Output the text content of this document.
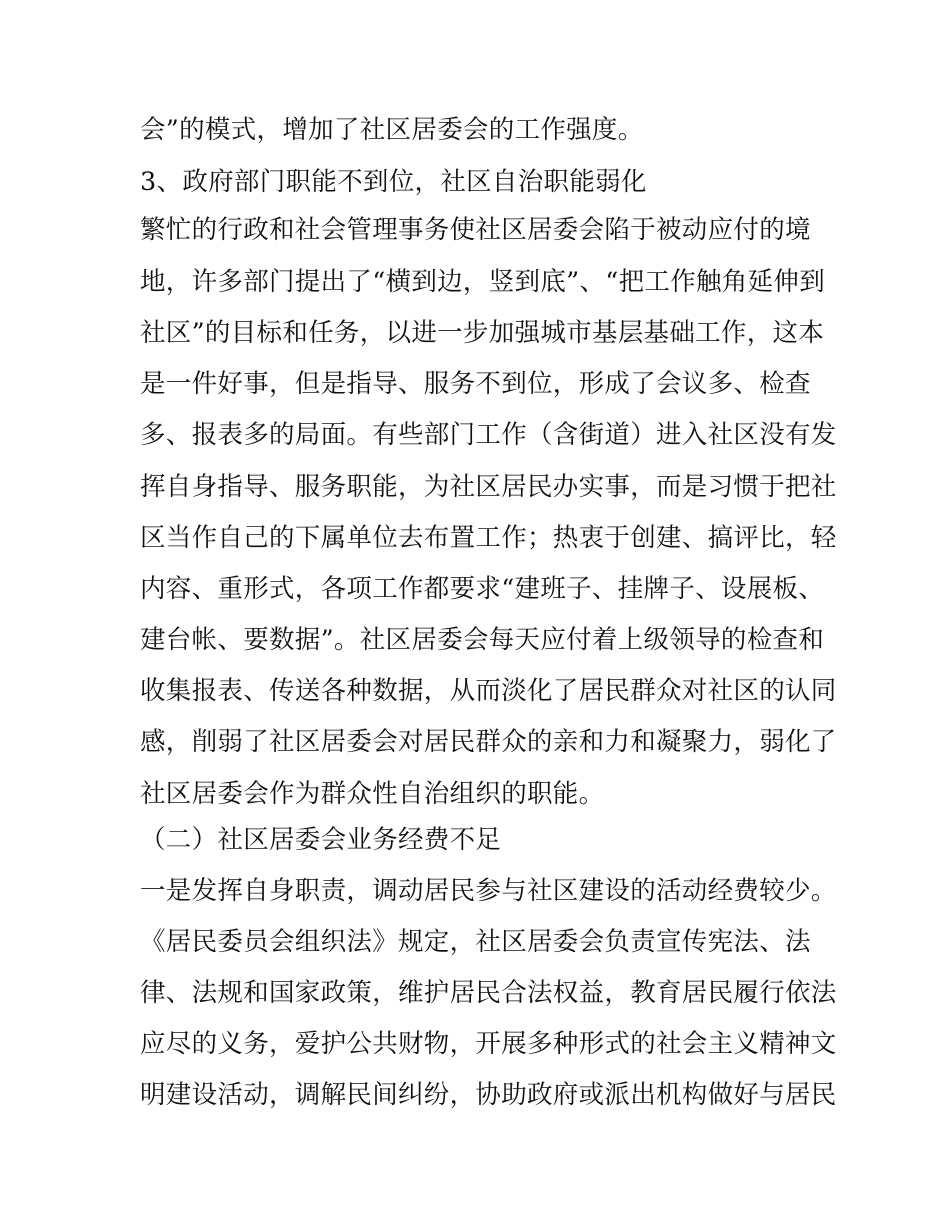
会”的模式，增加了社区居委会的工作强度。
3、政府部门职能不到位，社区自治职能弱化
繁忙的行政和社会管理事务使社区居委会陷于被动应付的境
地，许多部门提出了“横到边，竖到底”、“把工作触角延伸到
社区”的目标和任务，以进一步加强城市基层基础工作，这本
是一件好事，但是指导、服务不到位，形成了会议多、检查
多、报表多的局面。有些部门工作（含街道）进入社区没有发
挥自身指导、服务职能，为社区居民办实事，而是习惯于把社
区当作自己的下属单位去布置工作；热衷于创建、搞评比，轻
内容、重形式，各项工作都要求“建班子、挂牌子、设展板、
建台帐、要数据”。社区居委会每天应付着上级领导的检查和
收集报表、传送各种数据，从而淡化了居民群众对社区的认同
感，削弱了社区居委会对居民群众的亲和力和凝聚力，弱化了
社区居委会作为群众性自治组织的职能。
（二）社区居委会业务经费不足
一是发挥自身职责，调动居民参与社区建设的活动经费较少。
《居民委员会组织法》规定，社区居委会负责宣传宪法、法
律、法规和国家政策，维护居民合法权益，教育居民履行依法
应尽的义务，爱护公共财物，开展多种形式的社会主义精神文
明建设活动，调解民间纠纷，协助政府或派出机构做好与居民
